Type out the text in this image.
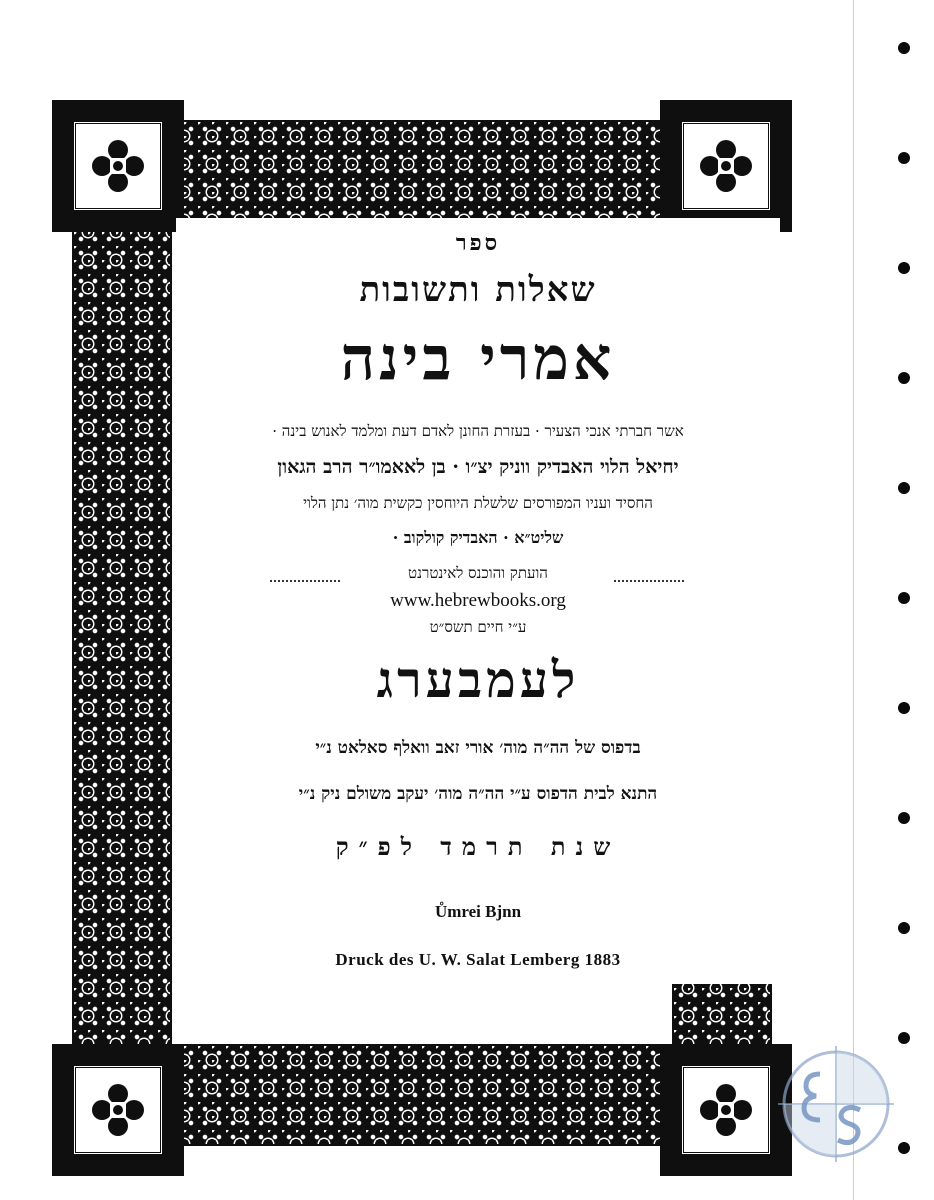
ספר
שאלות ותשובות
אמרי בינה
אשר חברתי אנכי הצעיר · בעזרת החונן לאדם דעת ומלמד לאנוש בינה ·
יחיאל הלוי האבדיק ווניק יצ״ו · בן לאאמו״ר הרב הגאון
החסיד ועניו המפורסים שלשלת היוחסין כקשית מוה׳ נתן הלוי
שליט״א · האבדיק קולקוב ·
הועתק והוכנס לאינטרנט
www.hebrewbooks.org
ע״י חיים תשס״ט
לעמבערג
בדפוס של הה״ה מוה׳ אורי זאב וואלף סאלאט נ״י
התנא לבית הדפוס ע״י הה״ה מוה׳ יעקב משולם ניק נ״י
שנת תרמד לפ״ק
Ůmrei Bjnn
Druck des U. W. Salat Lemberg 1883
